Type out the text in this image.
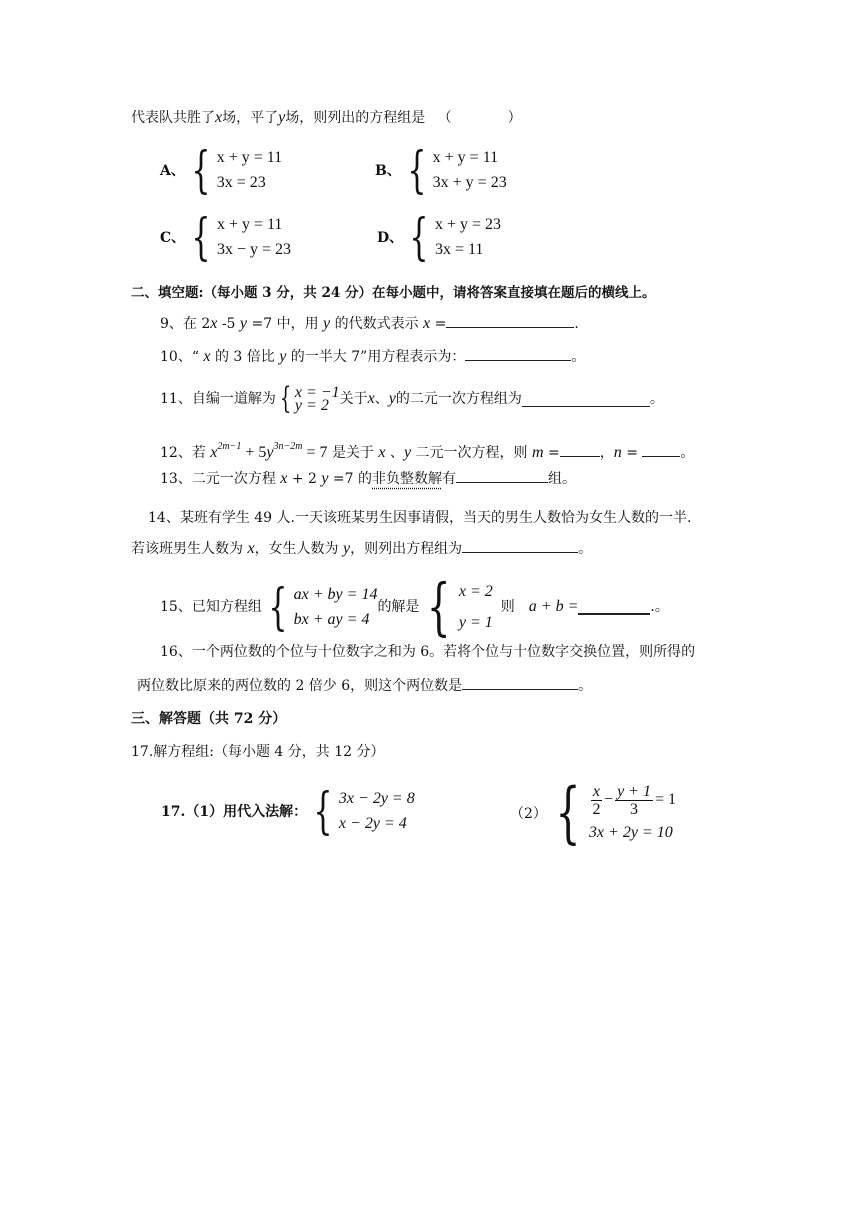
代表队共胜了x场，平了y场，则列出的方程组是 （　　　　）
A、 { x + y = 11
3x = 23
B、 { x + y = 11
3x + y = 23
C、 { x + y = 11
3x − y = 23
D、 { x + y = 23
3x = 11
二、填空题:（每小题 3 分，共 24 分）在每小题中，请将答案直接填在题后的横线上。
9、在 2x -5 y =7 中，用 y 的代数式表示 x =	.
10、“ x 的 3 倍比 y 的一半大 7”用方程表示为：	。
11、自编一道解为 { x = −1
y = 2 关于 x 、 y 的二元一次方程组为	。
12、若 $x^{2m-1} + 5y^{3n-2m} = 7$ 是关于 x 、y 二元一次方程，则 m =	，n =	。
13、二元一次方程 x + 2 y =7 的非负整数解有	组。
14、某班有学生 49 人.一天该班某男生因事请假，当天的男生人数恰为女生人数的一半.
若该班男生人数为 x，女生人数为 y，则列出方程组为	。
15、已知方程组 { ax + by = 14
bx + ay = 4
的解是 { x = 2
y = 1
则 a + b =	.。
16、一个两位数的个位与十位数字之和为 6。若将个位与十位数字交换位置，则所得的
两位数比原来的两位数的 2 倍少 6，则这个两位数是	。
三、解答题（共 72 分）
17.解方程组:（每小题 4 分，共 12 分）
17.（1）用代入法解： { 3x − 2y = 8
x − 2y = 4
（2） { $\frac{x}{2} - \frac{y + 1}{3} = 1$
3x + 2y = 10
